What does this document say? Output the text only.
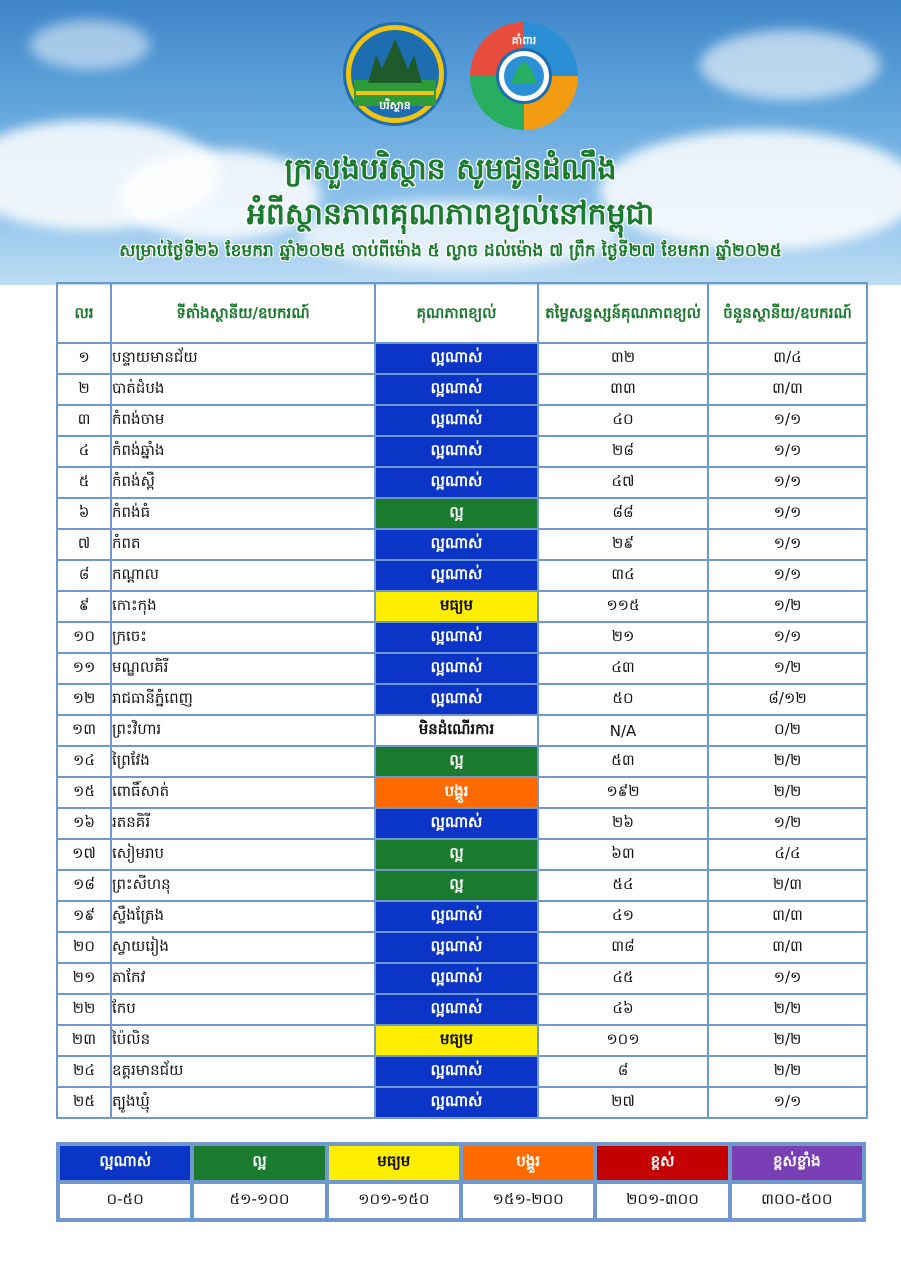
បរិស្ថាន
គាំពារ
ក្រសួងបរិស្ថាន សូមជូនដំណឹង
អំពីស្ថានភាពគុណភាពខ្យល់នៅកម្ពុជា
សម្រាប់ថ្ងៃទី២៦ ខែមករា ឆ្នាំ២០២៥ ចាប់ពីម៉ោង ៥ ល្ងាច ដល់ម៉ោង ៧ ព្រឹក ថ្ងៃទី២៧ ខែមករា ឆ្នាំ២០២៥
លរ	ទីតាំងស្ថានីយ/ឧបករណ៍	គុណភាពខ្យល់	តម្លៃសន្ទស្សន៍គុណភាពខ្យល់	ចំនួនស្ថានីយ/ឧបករណ៍
១	បន្ទាយមានជ័យ	ល្អណាស់	៣២	៣/៤
២	បាត់ដំបង	ល្អណាស់	៣៣	៣/៣
៣	កំពង់ចាម	ល្អណាស់	៤០	១/១
៤	កំពង់ឆ្នាំង	ល្អណាស់	២៨	១/១
៥	កំពង់ស្ពឺ	ល្អណាស់	៤៧	១/១
៦	កំពង់ធំ	ល្អ	៨៨	១/១
៧	កំពត	ល្អណាស់	២៩	១/១
៨	កណ្ដាល	ល្អណាស់	៣៤	១/១
៩	កោះកុង	មធ្យម	១១៥	១/២
១០	ក្រចេះ	ល្អណាស់	២១	១/១
១១	មណ្ឌលគិរី	ល្អណាស់	៤៣	១/២
១២	រាជធានីភ្នំពេញ	ល្អណាស់	៥០	៨/១២
១៣	ព្រះវិហារ	មិនដំណើរការ	N/A	០/២
១៤	ព្រៃវែង	ល្អ	៥៣	២/២
១៥	ពោធិ៍សាត់	បង្គួរ	១៩២	២/២
១៦	រតនគិរី	ល្អណាស់	២៦	១/២
១៧	សៀមរាប	ល្អ	៦៣	៤/៤
១៨	ព្រះសីហនុ	ល្អ	៥៤	២/៣
១៩	ស្ទឹងត្រែង	ល្អណាស់	៤១	៣/៣
២០	ស្វាយរៀង	ល្អណាស់	៣៨	៣/៣
២១	តាកែវ	ល្អណាស់	៤៥	១/១
២២	កែប	ល្អណាស់	៤៦	២/២
២៣	ប៉ៃលិន	មធ្យម	១០១	២/២
២៤	ឧត្ដរមានជ័យ	ល្អណាស់	៨	២/២
២៥	ត្បូងឃ្មុំ	ល្អណាស់	២៧	១/១
ល្អណាស់	ល្អ	មធ្យម	បង្គួរ	ខ្ពស់	ខ្ពស់ខ្លាំង
០-៥០	៥១-១០០	១០១-១៥០	១៥១-២០០	២០១-៣០០	៣០០-៥០០
